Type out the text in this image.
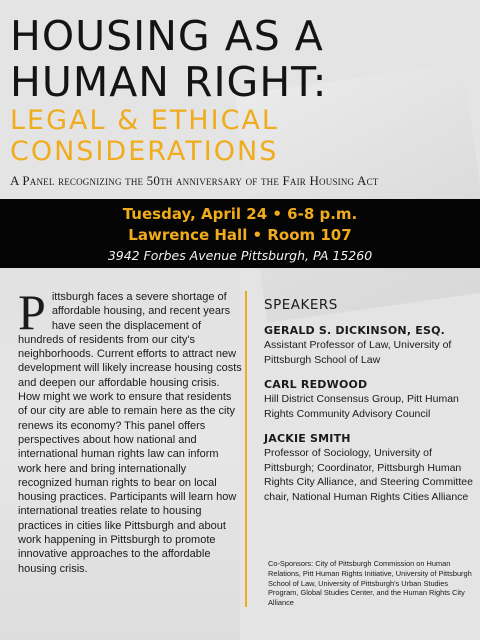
HOUSING AS A
HUMAN RIGHT:
LEGAL & ETHICAL
CONSIDERATIONS
A Panel recognizing the 50th anniversary of the Fair Housing Act
Tuesday, April 24 • 6-8 p.m.
Lawrence Hall • Room 107
3942 Forbes Avenue Pittsburgh, PA 15260
Pittsburgh faces a severe shortage of affordable housing, and recent years have seen the displacement of hundreds of residents from our city's neighborhoods. Current efforts to attract new development will likely increase housing costs and deepen our affordable housing crisis. How might we work to ensure that residents of our city are able to remain here as the city renews its economy? This panel offers perspectives about how national and international human rights law can inform work here and bring internationally recognized human rights to bear on local housing practices. Participants will learn how international treaties relate to housing practices in cities like Pittsburgh and about work happening in Pittsburgh to promote innovative approaches to the affordable housing crisis.
SPEAKERS
GERALD S. DICKINSON, ESQ.
Assistant Professor of Law, University of Pittsburgh School of Law
CARL REDWOOD
Hill District Consensus Group, Pitt Human Rights Community Advisory Council
JACKIE SMITH
Professor of Sociology, University of Pittsburgh; Coordinator, Pittsburgh Human Rights City Alliance, and Steering Committee chair, National Human Rights Cities Alliance
Co-Sponsors: City of Pittsburgh Commission on Human Relations, Pitt Human Rights Initiative, University of Pittsburgh School of Law, University of Pittsburgh's Urban Studies Program, Global Studies Center, and the Human Rights City Alliance
